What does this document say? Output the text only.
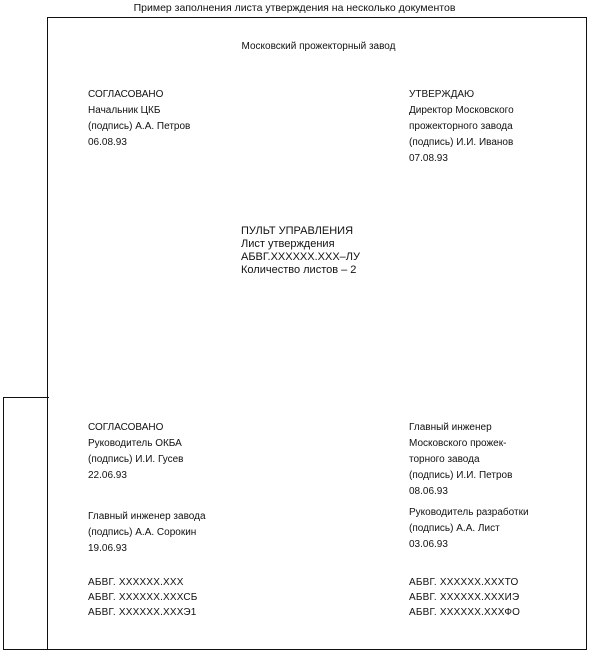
Пример заполнения листа утверждения на несколько документов
Московский прожекторный завод
СОГЛАСОВАНО
Начальник ЦКБ
(подпись) А.А. Петров
06.08.93
УТВЕРЖДАЮ
Директор Московского
прожекторного завода
(подпись) И.И. Иванов
07.08.93
ПУЛЬТ УПРАВЛЕНИЯ
Лист утверждения
АБВГ.ХХХХХХ.ХХХ–ЛУ
Количество листов – 2
СОГЛАСОВАНО
Руководитель ОКБА
(подпись) И.И. Гусев
22.06.93
Главный инженер завода
(подпись) А.А. Сорокин
19.06.93
Главный инженер
Московского прожек-
торного завода
(подпись) И.И. Петров
08.06.93
Руководитель разработки
(подпись) А.А. Лист
03.06.93
АБВГ. ХХХХХХ.ХХХ
АБВГ. ХХХХХХ.ХХХСБ
АБВГ. ХХХХХХ.ХХХЭ1
АБВГ. ХХХХХХ.ХХХТО
АБВГ. ХХХХХХ.ХХХИЭ
АБВГ. ХХХХХХ.ХХХФО
